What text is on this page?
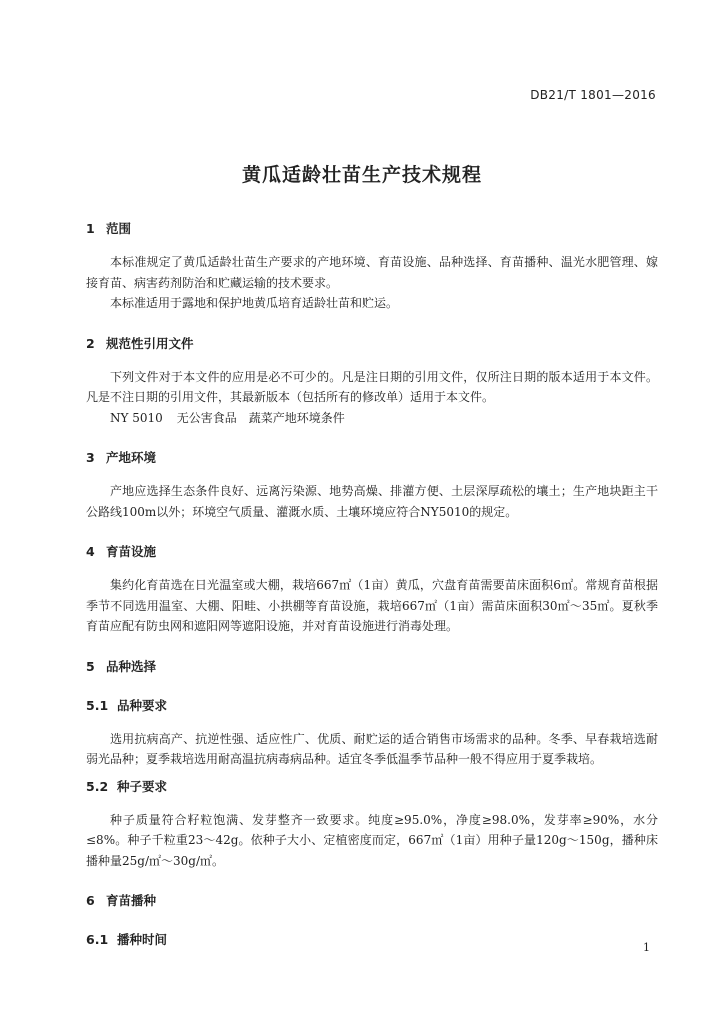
DB21/T 1801—2016
黄瓜适龄壮苗生产技术规程
1 范围

本标准规定了黄瓜适龄壮苗生产要求的产地环境、育苗设施、品种选择、育苗播种、温光水肥管理、嫁接育苗、病害药剂防治和贮藏运输的技术要求。

本标准适用于露地和保护地黄瓜培育适龄壮苗和贮运。

2 规范性引用文件

下列文件对于本文件的应用是必不可少的。凡是注日期的引用文件，仅所注日期的版本适用于本文件。凡是不注日期的引用文件，其最新版本（包括所有的修改单）适用于本文件。

NY 5010 无公害食品　蔬菜产地环境条件

3 产地环境

产地应选择生态条件良好、远离污染源、地势高燥、排灌方便、土层深厚疏松的壤土；生产地块距主干公路线100m以外；环境空气质量、灌溉水质、土壤环境应符合NY5010的规定。

4 育苗设施

集约化育苗选在日光温室或大棚，栽培667㎡（1亩）黄瓜，穴盘育苗需要苗床面积6㎡。常规育苗根据季节不同选用温室、大棚、阳畦、小拱棚等育苗设施，栽培667㎡（1亩）需苗床面积30㎡～35㎡。夏秋季育苗应配有防虫网和遮阳网等遮阳设施，并对育苗设施进行消毒处理。

5 品种选择
5.1 品种要求

选用抗病高产、抗逆性强、适应性广、优质、耐贮运的适合销售市场需求的品种。冬季、早春栽培选耐弱光品种；夏季栽培选用耐高温抗病毒病品种。适宜冬季低温季节品种一般不得应用于夏季栽培。

5.2 种子要求

种子质量符合籽粒饱满、发芽整齐一致要求。纯度≥95.0%，净度≥98.0%，发芽率≥90%，水分≤8%。种子千粒重23～42g。依种子大小、定植密度而定，667㎡（1亩）用种子量120g～150g，播种床播种量25g/㎡～30g/㎡。

6 育苗播种
6.1 播种时间
1
